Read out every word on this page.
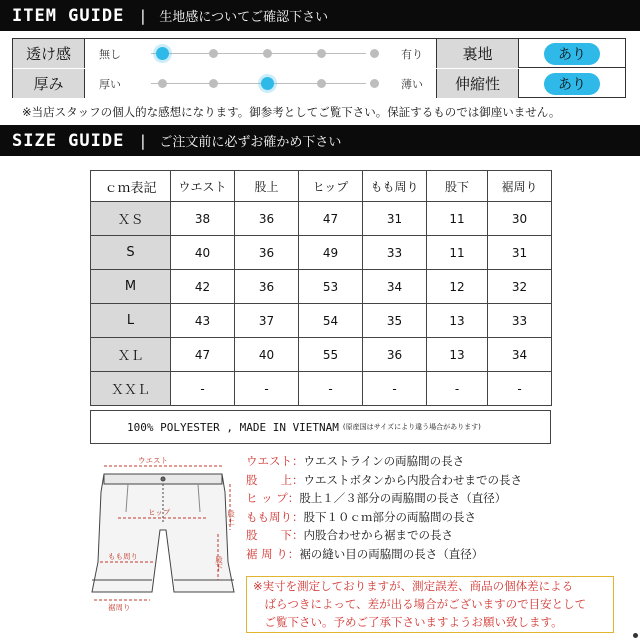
ITEM GUIDE | 生地感についてご確認下さい
透け感	無し	有り	裏地	あり
厚み	厚い	薄い	伸縮性	あり
※当店スタッフの個人的な感想になります。御参考としてご覧下さい。保証するものでは御座いません。
SIZE GUIDE | ご注文前に必ずお確かめ下さい
ｃｍ表記	ウエスト	股上	ヒップ	もも周り	股下	裾周り
ＸＳ	38	36	47	31	11	30
S	40	36	49	33	11	31
M	42	36	53	34	12	32
L	43	37	54	35	13	33
ＸＬ	47	40	55	36	13	34
ＸＸＬ	-	-	-	-	-	-
100% POLYESTER , MADE IN VIETNAM (原産国はサイズにより違う場合があります)
ウエスト
ヒップ
もも周り
裾周り
股上
股下
ウエスト：ウエストラインの両脇間の長さ
股　　上：ウエストボタンから内股合わせまでの長さ
ヒ ッ プ：股上１／３部分の両脇間の長さ（直径）
もも周り：股下１０ｃｍ部分の両脇間の長さ
股　　下：内股合わせから裾までの長さ
裾 周 り：裾の縫い目の両脇間の長さ（直径）
※実寸を測定しておりますが、測定誤差、商品の個体差による
　ばらつきによって、差が出る場合がございますので目安として
　ご覧下さい。予めご了承下さいますようお願い致します。
